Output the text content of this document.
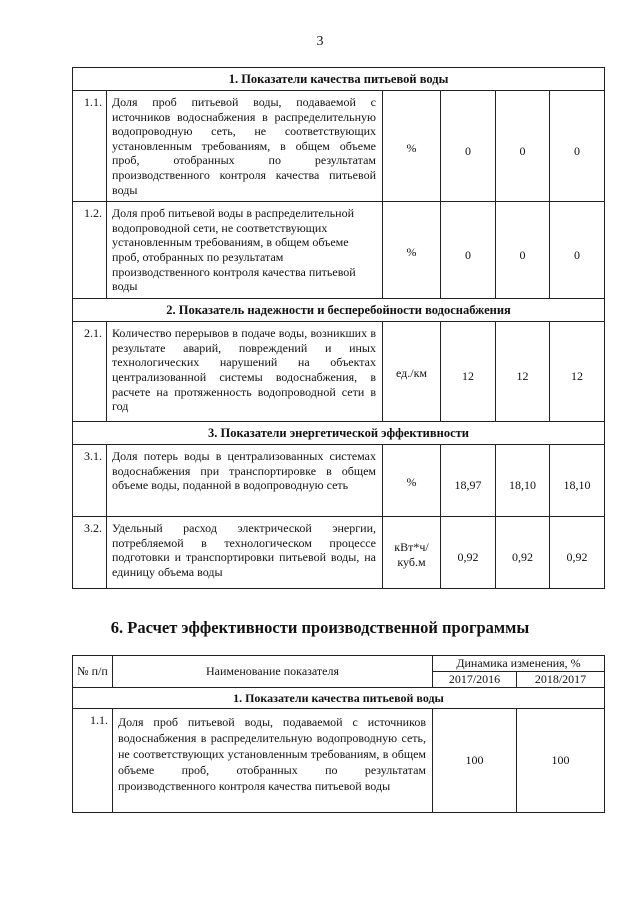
3
1. Показатели качества питьевой воды					
1.1.	Доля проб питьевой воды, подаваемой с источников водоснабжения в распределительную водопроводную сеть, не соответствующих установленным требованиям, в общем объеме проб, отобранных по результатам производственного контроля качества питьевой воды	%	0	0	0
1.2.	Доля проб питьевой воды в распределительной водопроводной сети, не соответствующих установленным требованиям, в общем объеме проб, отобранных по результатам производственного контроля качества питьевой воды	%	0	0	0
2. Показатель надежности и бесперебойности водоснабжения					
2.1.	Количество перерывов в подаче воды, возникших в результате аварий, повреждений и иных технологических нарушений на объектах централизованной системы водоснабжения, в расчете на протяженность водопроводной сети в год	ед./км	12	12	12
3. Показатели энергетической эффективности					
3.1.	Доля потерь воды в централизованных системах водоснабжения при транспортировке в общем объеме воды, поданной в водопроводную сеть	%	18,97	18,10	18,10
3.2.	Удельный расход электрической энергии, потребляемой в технологическом процессе подготовки и транспортировки питьевой воды, на единицу объема воды	кВт*ч/ куб.м	0,92	0,92	0,92
6. Расчет эффективности производственной программы
№ п/п	Наименование показателя	Динамика изменения, %	
		2017/2016	2018/2017
1. Показатели качества питьевой воды			
1.1.	Доля проб питьевой воды, подаваемой с источников водоснабжения в распределительную водопроводную сеть, не соответствующих установленным требованиям, в общем объеме проб, отобранных по результатам производственного контроля качества питьевой воды	100	100
